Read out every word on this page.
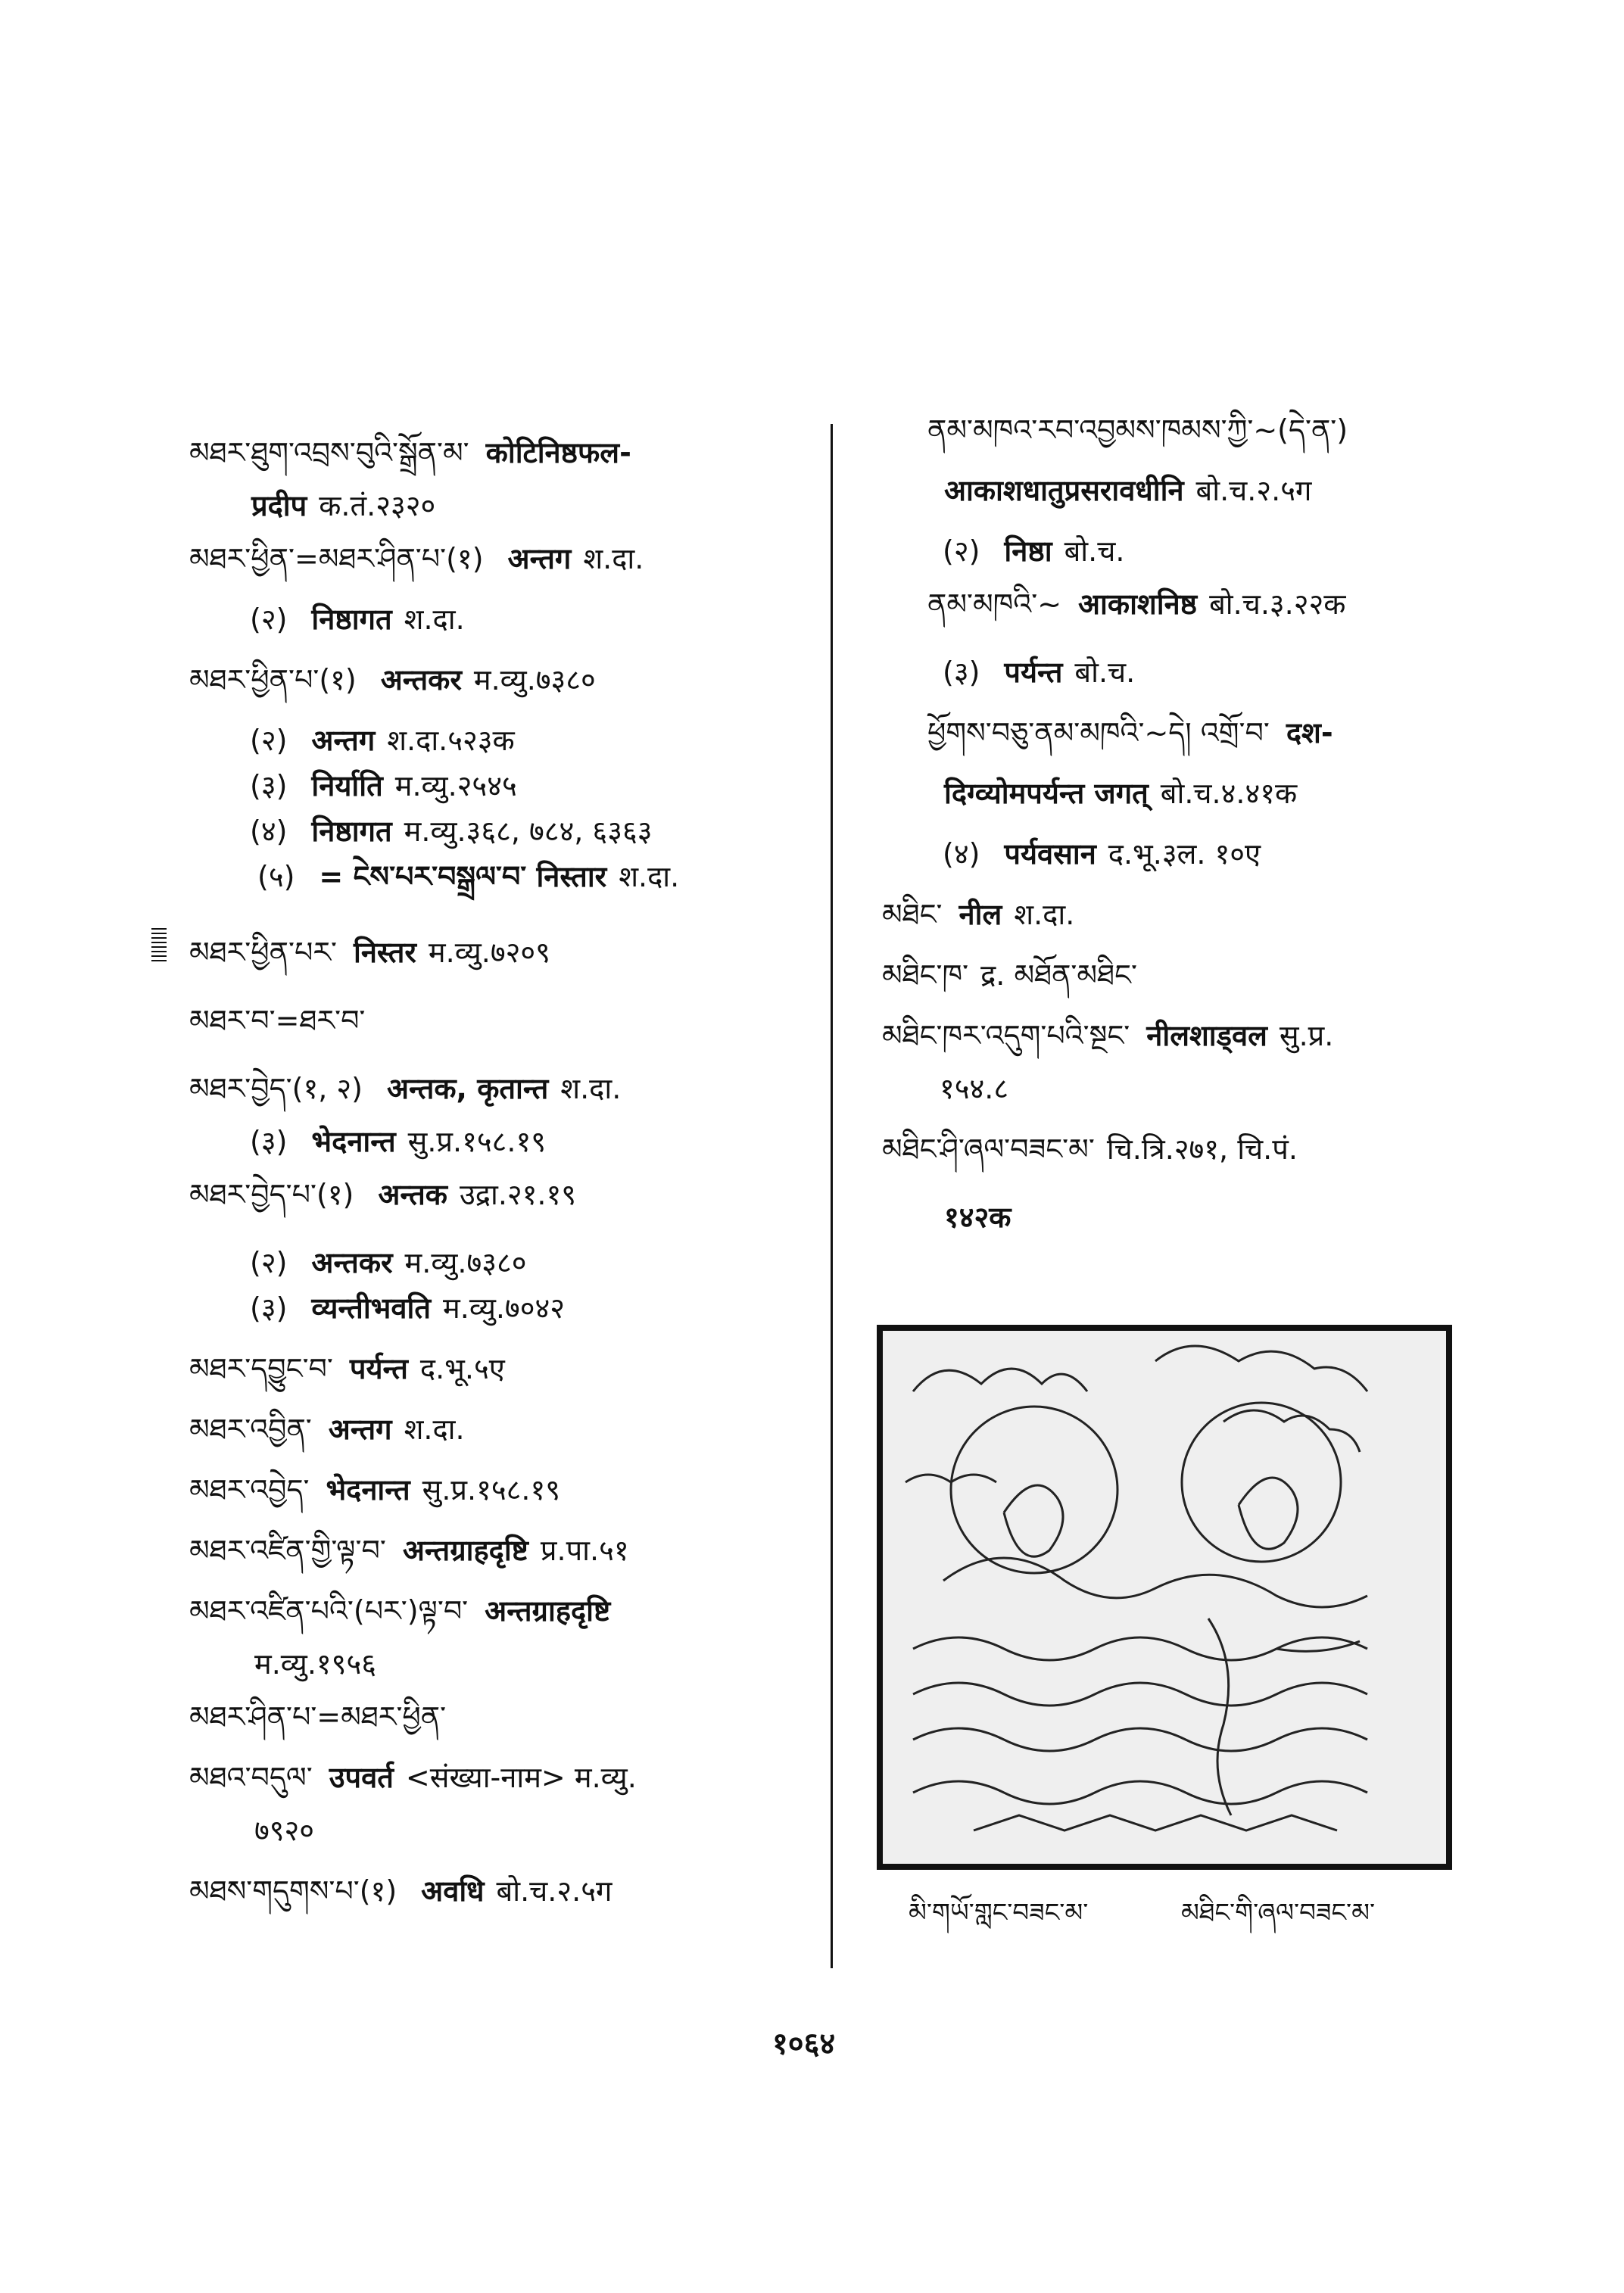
མཐར་ཐུག་འབྲས་བུའི་སྒྲོན་མ་ कोटिनिष्ठफल-
प्रदीप क.तं.२३२०
མཐར་ཕྱིན་=མཐར་ཤིན་པ་(१) अन्तग श.दा.
(२) निष्ठागत श.दा.
མཐར་ཕྱིན་པ་(१) अन्तकर म.व्यु.७३८०
(२) अन्तग श.दा.५२३क
(३) निर्याति म.व्यु.२५४५
(४) निष्ठागत म.व्यु.३६८, ७८४, ६३६३
(५) = ངེས་པར་བསྒྲལ་བ་ निस्तार श.दा.
མཐར་ཕྱིན་པར་ निस्तर म.व्यु.७२०९
མཐར་བ་=ཐར་བ་
མཐར་བྱེད་(१, २) अन्तक, कृतान्त श.दा.
(३) भेदनान्त सु.प्र.१५८.१९
མཐར་བྱེད་པ་(१) अन्तक उद्रा.२१.१९
(२) अन्तकर म.व्यु.७३८०
(३) व्यन्तीभवति म.व्यु.७०४२
མཐར་དབྱུང་བ་ पर्यन्त द.भू.५ए
མཐར་འབྱིན་ अन्तग श.दा.
མཐར་འབྱེད་ भेदनान्त सु.प्र.१५८.१९
མཐར་འཛིན་གྱི་ལྟ་བ་ अन्तग्राहदृष्टि प्र.पा.५१
མཐར་འཛིན་པའི་(པར་)ལྟ་བ་ अन्तग्राहदृष्टि
म.व्यु.१९५६
མཐར་ཤིན་པ་=མཐར་ཕྱིན་
མཐའ་བདུལ་ उपवर्त <संख्या-नाम> म.व्यु.
७९२०
མཐས་གདུགས་པ་(१) अवधि बो.च.२.५ग
ནམ་མཁའ་རབ་འབྱམས་ཁམས་ཀྱི་~(དེ་ན་)
आकाशधातुप्रसरावधीनि बो.च.२.५ग
(२) निष्ठा बो.च.
ནམ་མཁའི་~ आकाशनिष्ठ बो.च.३.२२क
(३) पर्यन्त बो.च.
ཕྱོགས་བཅུ་ནམ་མཁའི་~དེ། འགྲོ་བ་ दश-
दिग्व्योमपर्यन्त जगत् बो.च.४.४१क
(४) पर्यवसान द.भू.३ल. १०ए
མཐིང་ नील श.दा.
མཐིང་ཁ་ द्र. མཐོན་མཐིང་
མཐིང་ཁར་འདུག་པའི་སྔང་ नीलशाड्वल सु.प्र.
१५४.८
མཐིང་ཤི་ཞལ་བཟང་མ་ चि.त्रि.२७१, चि.पं.
१४२क
མི་གཡོ་གླང་བཟང་མ་	མཐིང་གི་ཞལ་བཟང་མ་
१०६४
